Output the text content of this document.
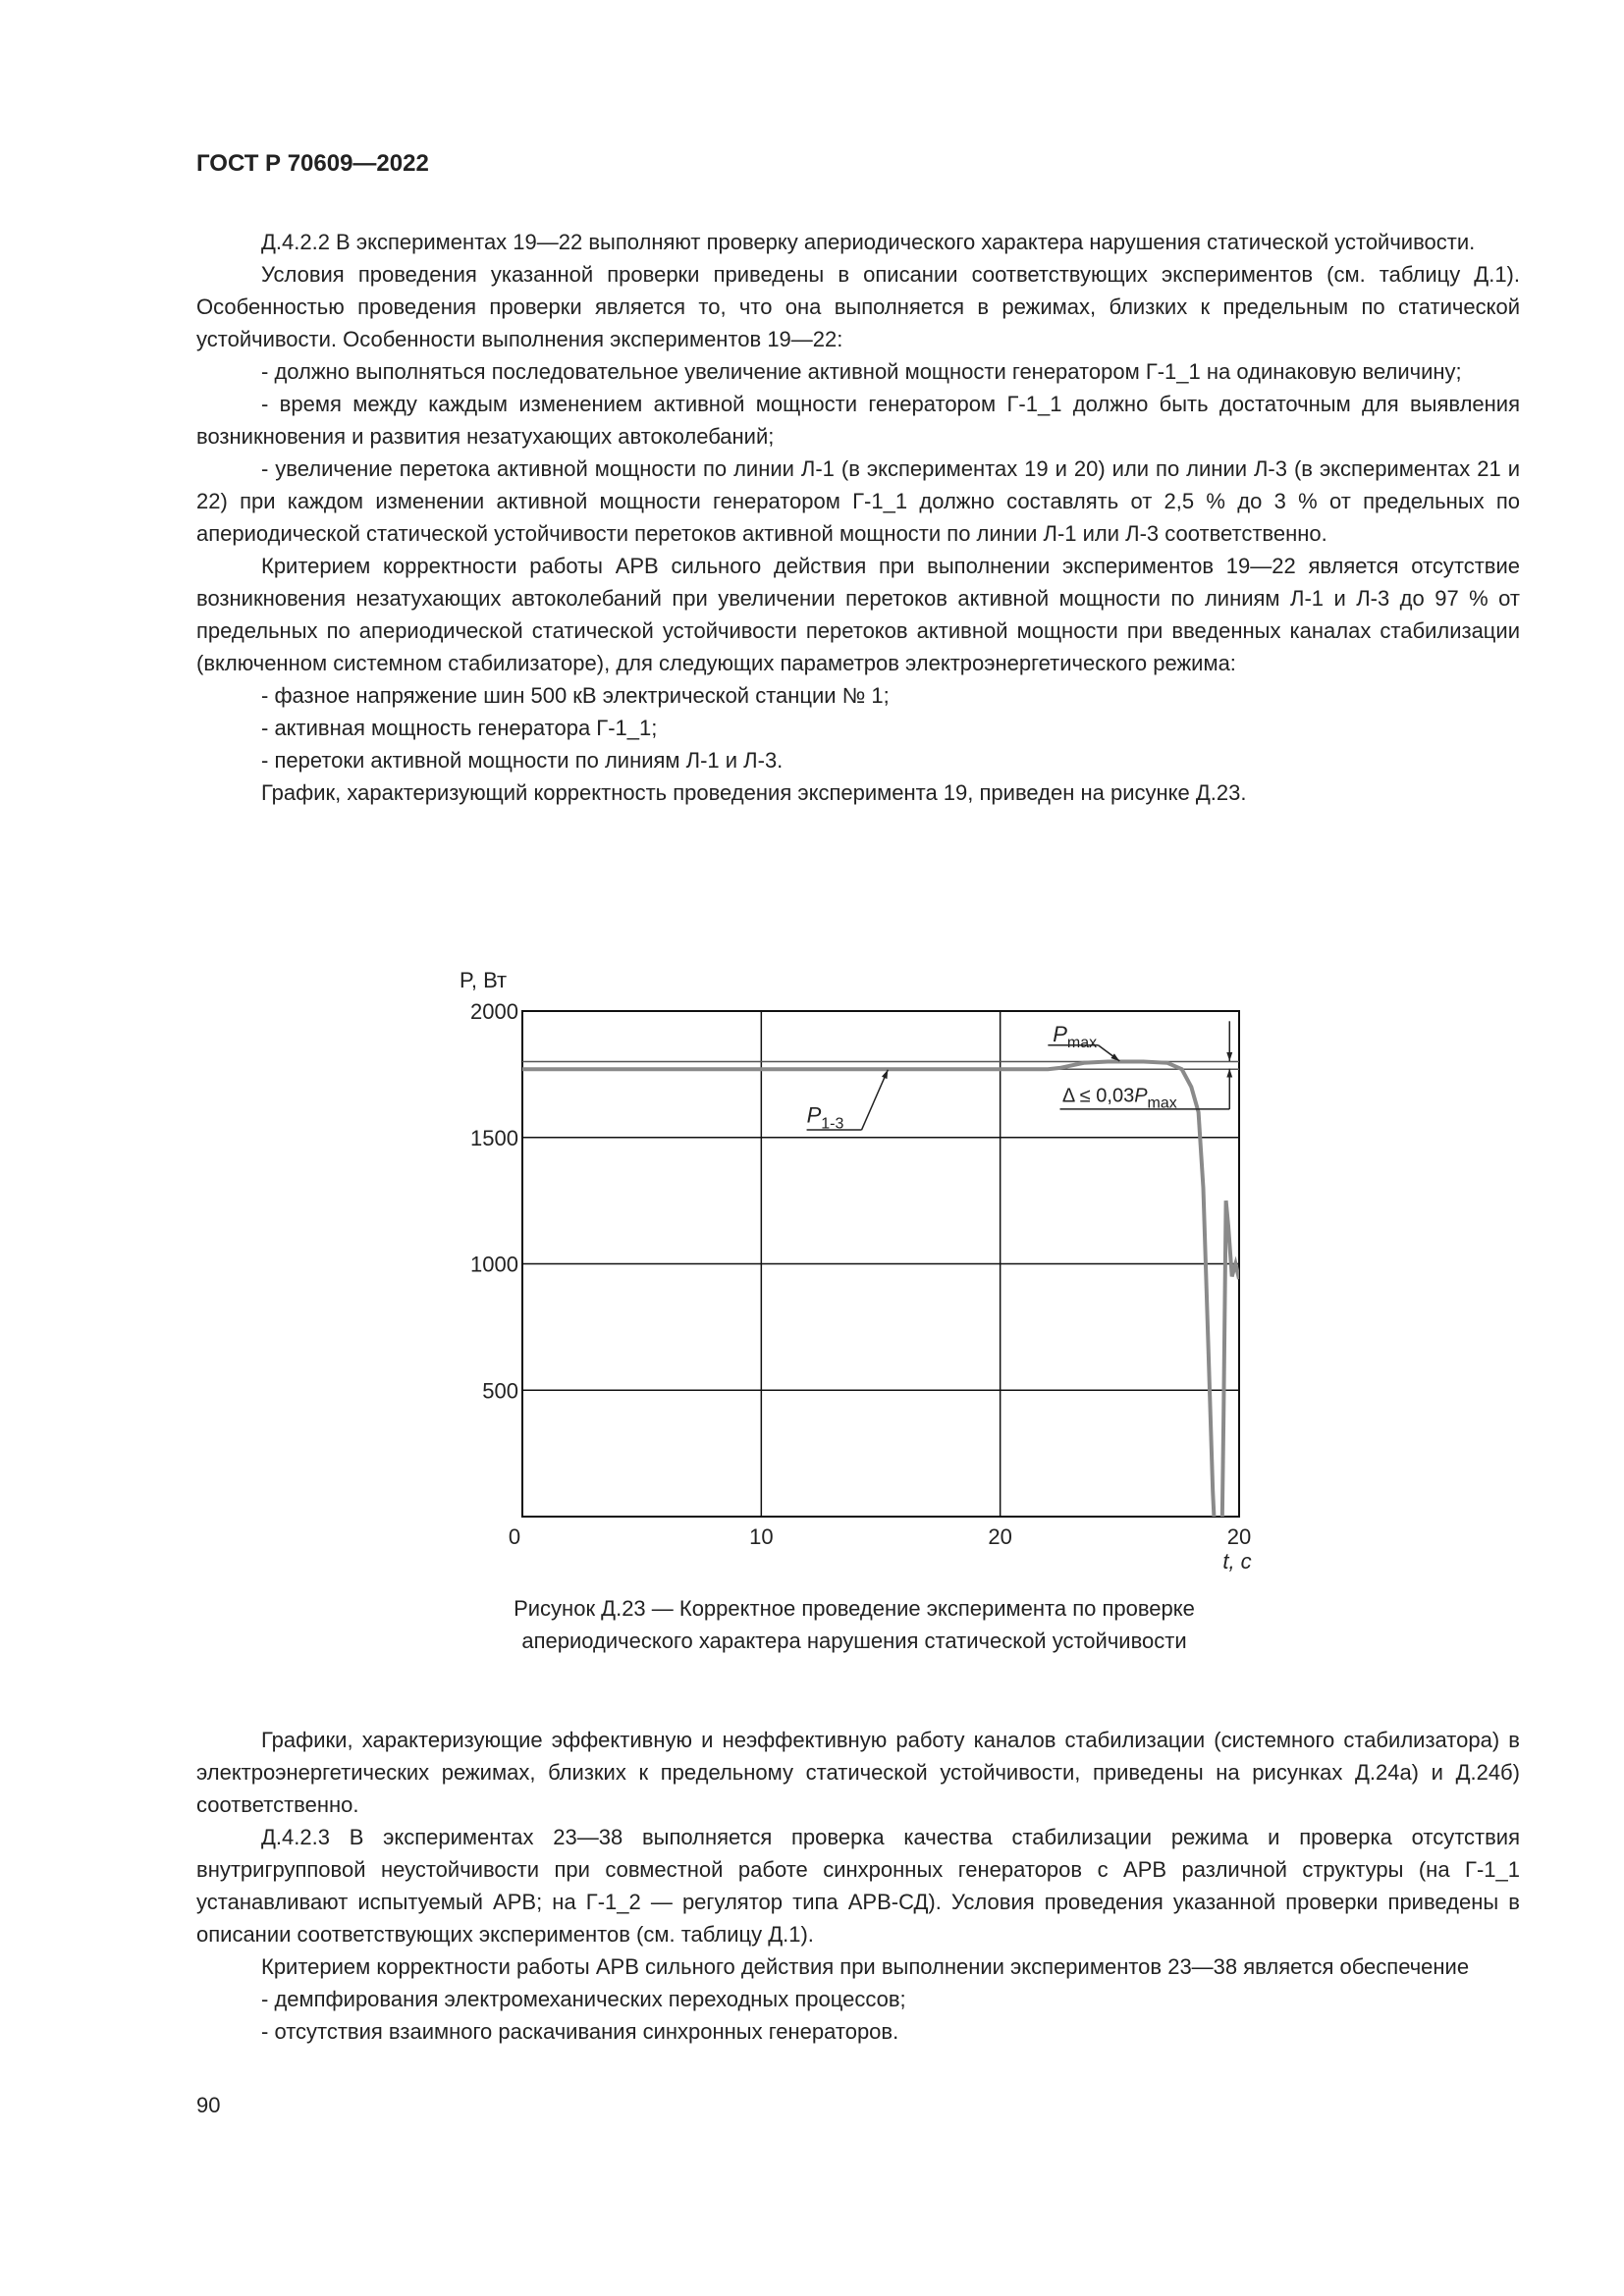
ГОСТ Р 70609—2022

Д.4.2.2 В экспериментах 19—22 выполняют проверку апериодического характера нарушения статической устойчивости.

Условия проведения указанной проверки приведены в описании соответствующих экспериментов (см. таблицу Д.1). Особенностью проведения проверки является то, что она выполняется в режимах, близких к предельным по статической устойчивости. Особенности выполнения экспериментов 19—22:

- должно выполняться последовательное увеличение активной мощности генератором Г-1_1 на одинаковую величину;

- время между каждым изменением активной мощности генератором Г-1_1 должно быть достаточным для выявления возникновения и развития незатухающих автоколебаний;

- увеличение перетока активной мощности по линии Л-1 (в экспериментах 19 и 20) или по линии Л-3 (в экспериментах 21 и 22) при каждом изменении активной мощности генератором Г-1_1 должно составлять от 2,5 % до 3 % от предельных по апериодической статической устойчивости перетоков активной мощности по линии Л-1 или Л-3 соответственно.

Критерием корректности работы АРВ сильного действия при выполнении экспериментов 19—22 является отсутствие возникновения незатухающих автоколебаний при увеличении перетоков активной мощности по линиям Л-1 и Л-3 до 97 % от предельных по апериодической статической устойчивости перетоков активной мощности при введенных каналах стабилизации (включенном системном стабилизаторе), для следующих параметров электроэнергетического режима:

- фазное напряжение шин 500 кВ электрической станции № 1;

- активная мощность генератора Г-1_1;

- перетоки активной мощности по линиям Л-1 и Л-3.

График, характеризующий корректность проведения эксперимента 19, приведен на рисунке Д.23.

0	10	20	20
500
1000
1500
2000
P, Вт
t, с
$P_{1-3}$
$P_{max}$
$\Delta \le 0,03P_{max}$
Рисунок Д.23 — Корректное проведение эксперимента по проверке
апериодического характера нарушения статической устойчивости

Графики, характеризующие эффективную и неэффективную работу каналов стабилизации (системного стабилизатора) в электроэнергетических режимах, близких к предельному статической устойчивости, приведены на рисунках Д.24а) и Д.24б) соответственно.

Д.4.2.3 В экспериментах 23—38 выполняется проверка качества стабилизации режима и проверка отсутствия внутригрупповой неустойчивости при совместной работе синхронных генераторов с АРВ различной структуры (на Г-1_1 устанавливают испытуемый АРВ; на Г-1_2 — регулятор типа АРВ-СД). Условия проведения указанной проверки приведены в описании соответствующих экспериментов (см. таблицу Д.1).

Критерием корректности работы АРВ сильного действия при выполнении экспериментов 23—38 является обеспечение

- демпфирования электромеханических переходных процессов;

- отсутствия взаимного раскачивания синхронных генераторов.

90
